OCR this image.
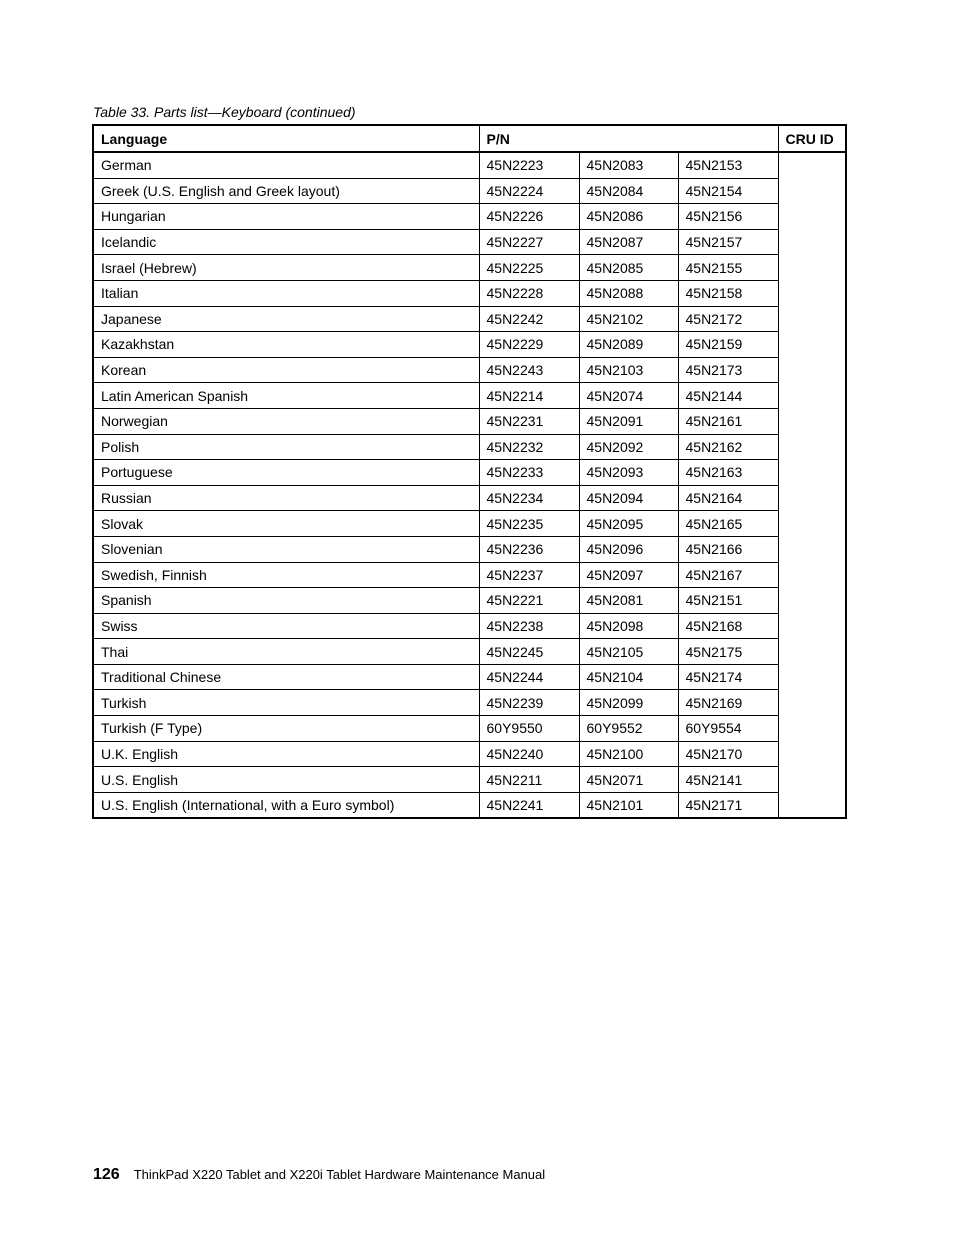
Table 33. Parts list—Keyboard (continued)
Language	P/N			CRU ID
German	45N2223	45N2083	45N2153	
Greek (U.S. English and Greek layout)	45N2224	45N2084	45N2154	
Hungarian	45N2226	45N2086	45N2156	
Icelandic	45N2227	45N2087	45N2157	
Israel (Hebrew)	45N2225	45N2085	45N2155	
Italian	45N2228	45N2088	45N2158	
Japanese	45N2242	45N2102	45N2172	
Kazakhstan	45N2229	45N2089	45N2159	
Korean	45N2243	45N2103	45N2173	
Latin American Spanish	45N2214	45N2074	45N2144	
Norwegian	45N2231	45N2091	45N2161	
Polish	45N2232	45N2092	45N2162	
Portuguese	45N2233	45N2093	45N2163	
Russian	45N2234	45N2094	45N2164	
Slovak	45N2235	45N2095	45N2165	
Slovenian	45N2236	45N2096	45N2166	
Swedish, Finnish	45N2237	45N2097	45N2167	
Spanish	45N2221	45N2081	45N2151	
Swiss	45N2238	45N2098	45N2168	
Thai	45N2245	45N2105	45N2175	
Traditional Chinese	45N2244	45N2104	45N2174	
Turkish	45N2239	45N2099	45N2169	
Turkish (F Type)	60Y9550	60Y9552	60Y9554	
U.K. English	45N2240	45N2100	45N2170	
U.S. English	45N2211	45N2071	45N2141	
U.S. English (International, with a Euro symbol)	45N2241	45N2101	45N2171	
126 ThinkPad X220 Tablet and X220i Tablet Hardware Maintenance Manual
